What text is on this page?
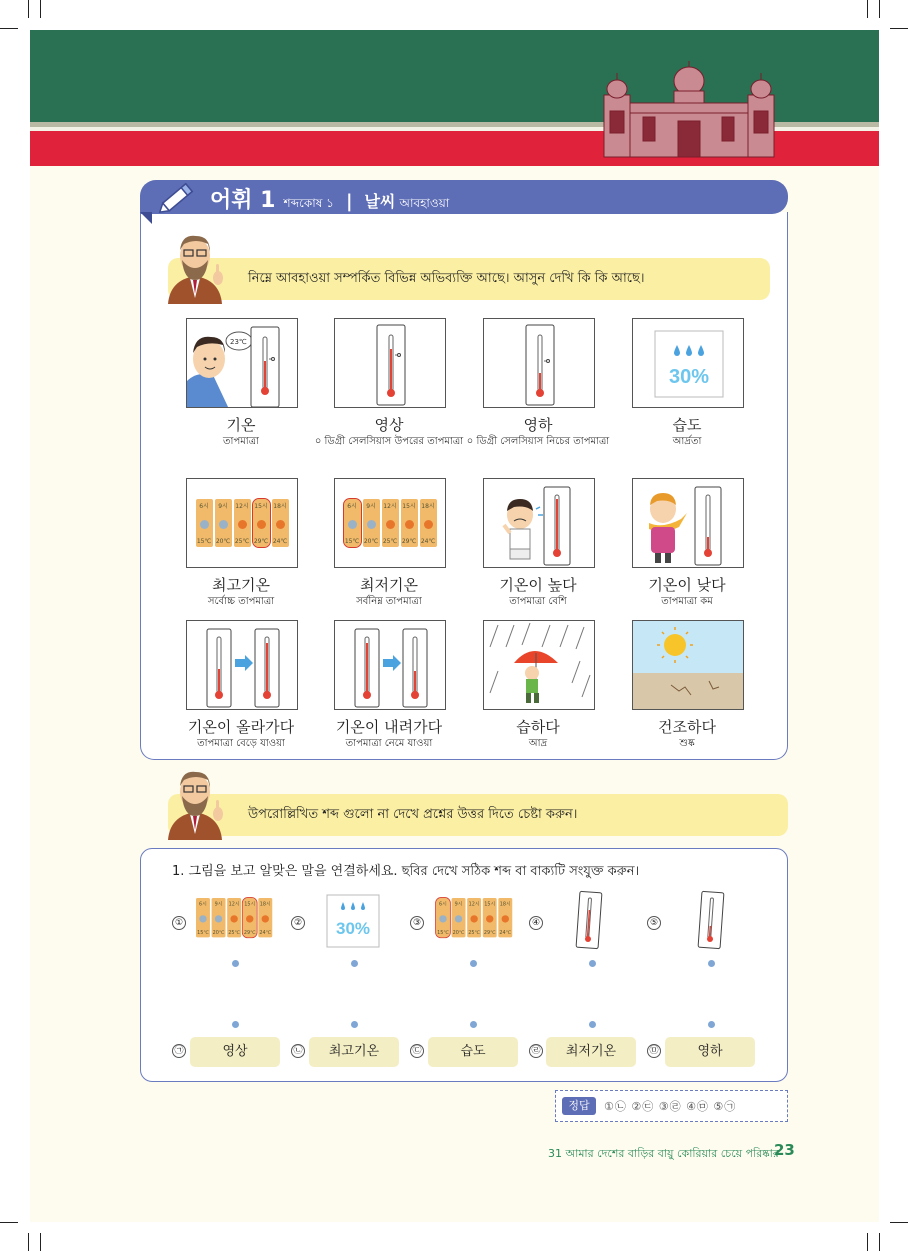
어휘 1 শব্দকোষ ১ | 날씨 আবহাওয়া
নিম্নে আবহাওয়া সম্পর্কিত বিভিন্ন অভিব্যক্তি আছে। আসুন দেখি কি কি আছে।
23℃
기온
তাপমাত্রা
영상
০ ডিগ্রী সেলসিয়াস উপরের তাপমাত্রা
영하
০ ডিগ্রী সেলসিয়াস নিচের তাপমাত্রা
30%
습도
আর্দ্রতা
6시
15℃
9시
20℃
12시
25℃
15시
29℃
18시
24℃
최고기온
সর্বোচ্চ তাপমাত্রা
6시
15℃
9시
20℃
12시
25℃
15시
29℃
18시
24℃
최저기온
সর্বনিম্ন তাপমাত্রা
기온이 높다
তাপমাত্রা বেশি
기온이 낮다
তাপমাত্রা কম
기온이 올라가다
তাপমাত্রা বেড়ে যাওয়া
기온이 내려가다
তাপমাত্রা নেমে যাওয়া
습하다
আদ্র
건조하다
শুষ্ক
উপরোল্লিখিত শব্দ গুলো না দেখে প্রশ্নের উত্তর দিতে চেষ্টা করুন।
1. 그림을 보고 알맞은 말을 연결하세요. ছবির দেখে সঠিক শব্দ বা বাক্যটি সংযুক্ত করুন।
①
6시
15℃
9시
20℃
12시
25℃
15시
29℃
18시
24℃
② 30%	③
6시
15℃
9시
20℃
12시
25℃
15시
29℃
18시
24℃
④	⑤
㉠	영상	㉡	최고기온	㉢	습도	㉣	최저기온	㉤	영하
정답	①㉡ ②㉢ ③㉣ ④㉤ ⑤㉠
31 আমার দেশের বাড়ির বায়ু কোরিয়ার চেয়ে পরিষ্কার
23
